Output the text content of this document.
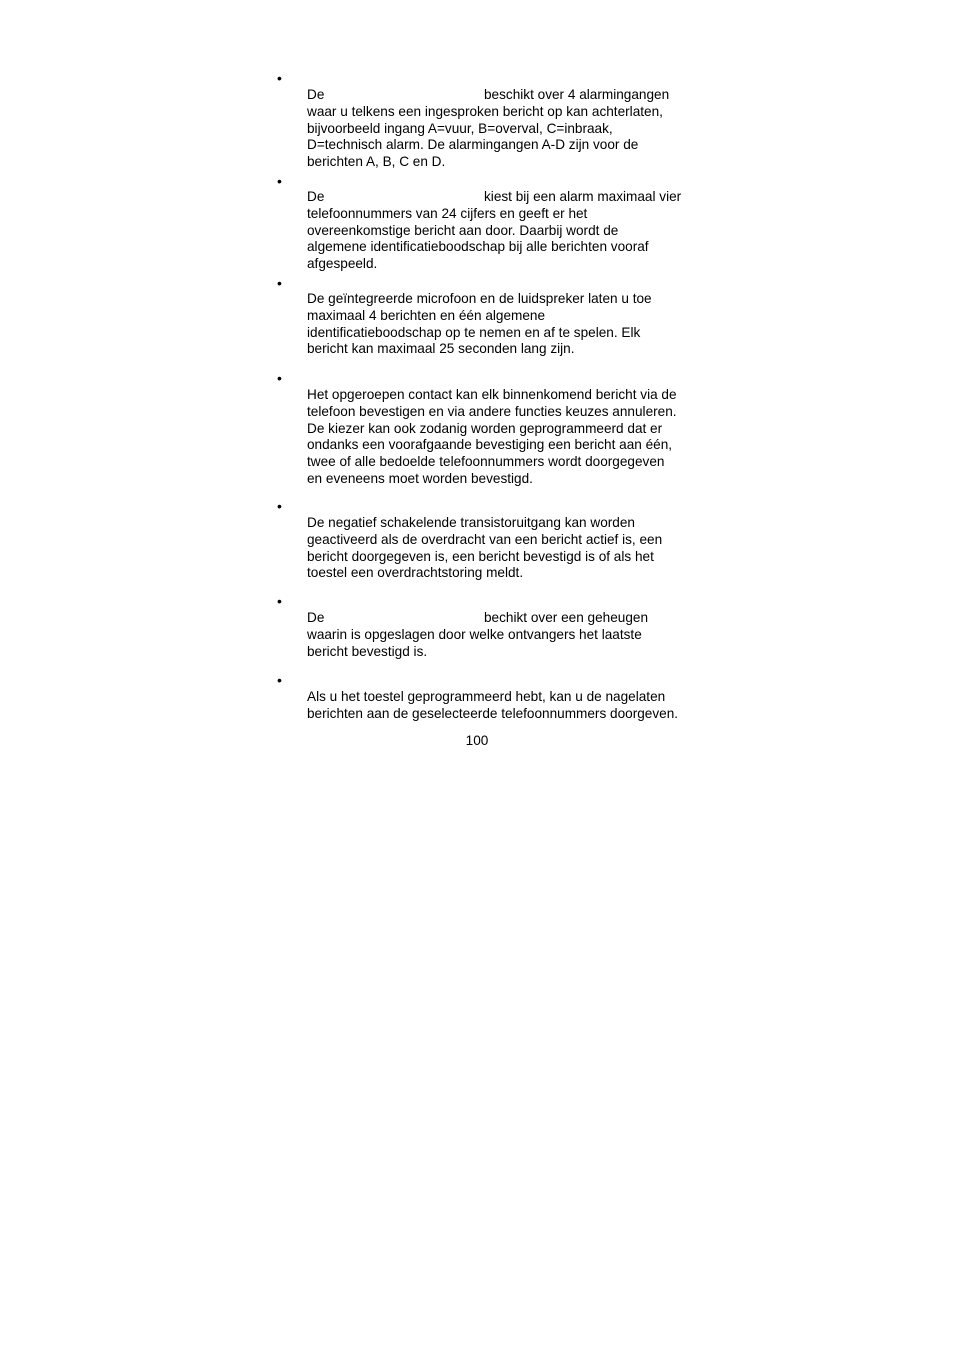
•
De	beschikt over 4 alarmingangen
waar u telkens een ingesproken bericht op kan achterlaten,
bijvoorbeeld ingang A=vuur, B=overval, C=inbraak,
D=technisch alarm. De alarmingangen A-D zijn voor de
berichten A, B, C en D.
•
De	kiest bij een alarm maximaal vier
telefoonnummers van 24 cijfers en geeft er het
overeenkomstige bericht aan door. Daarbij wordt de
algemene identificatieboodschap bij alle berichten vooraf
afgespeeld.
•
De geïntegreerde microfoon en de luidspreker laten u toe
maximaal 4 berichten en één algemene
identificatieboodschap op te nemen en af te spelen. Elk
bericht kan maximaal 25 seconden lang zijn.
•
Het opgeroepen contact kan elk binnenkomend bericht via de
telefoon bevestigen en via andere functies keuzes annuleren.
De kiezer kan ook zodanig worden geprogrammeerd dat er
ondanks een voorafgaande bevestiging een bericht aan één,
twee of alle bedoelde telefoonnummers wordt doorgegeven
en eveneens moet worden bevestigd.
•
De negatief schakelende transistoruitgang kan worden
geactiveerd als de overdracht van een bericht actief is, een
bericht doorgegeven is, een bericht bevestigd is of als het
toestel een overdrachtstoring meldt.
•
De	bechikt over een geheugen
waarin is opgeslagen door welke ontvangers het laatste
bericht bevestigd is.
•
Als u het toestel geprogrammeerd hebt, kan u de nagelaten
berichten aan de geselecteerde telefoonnummers doorgeven.
100
